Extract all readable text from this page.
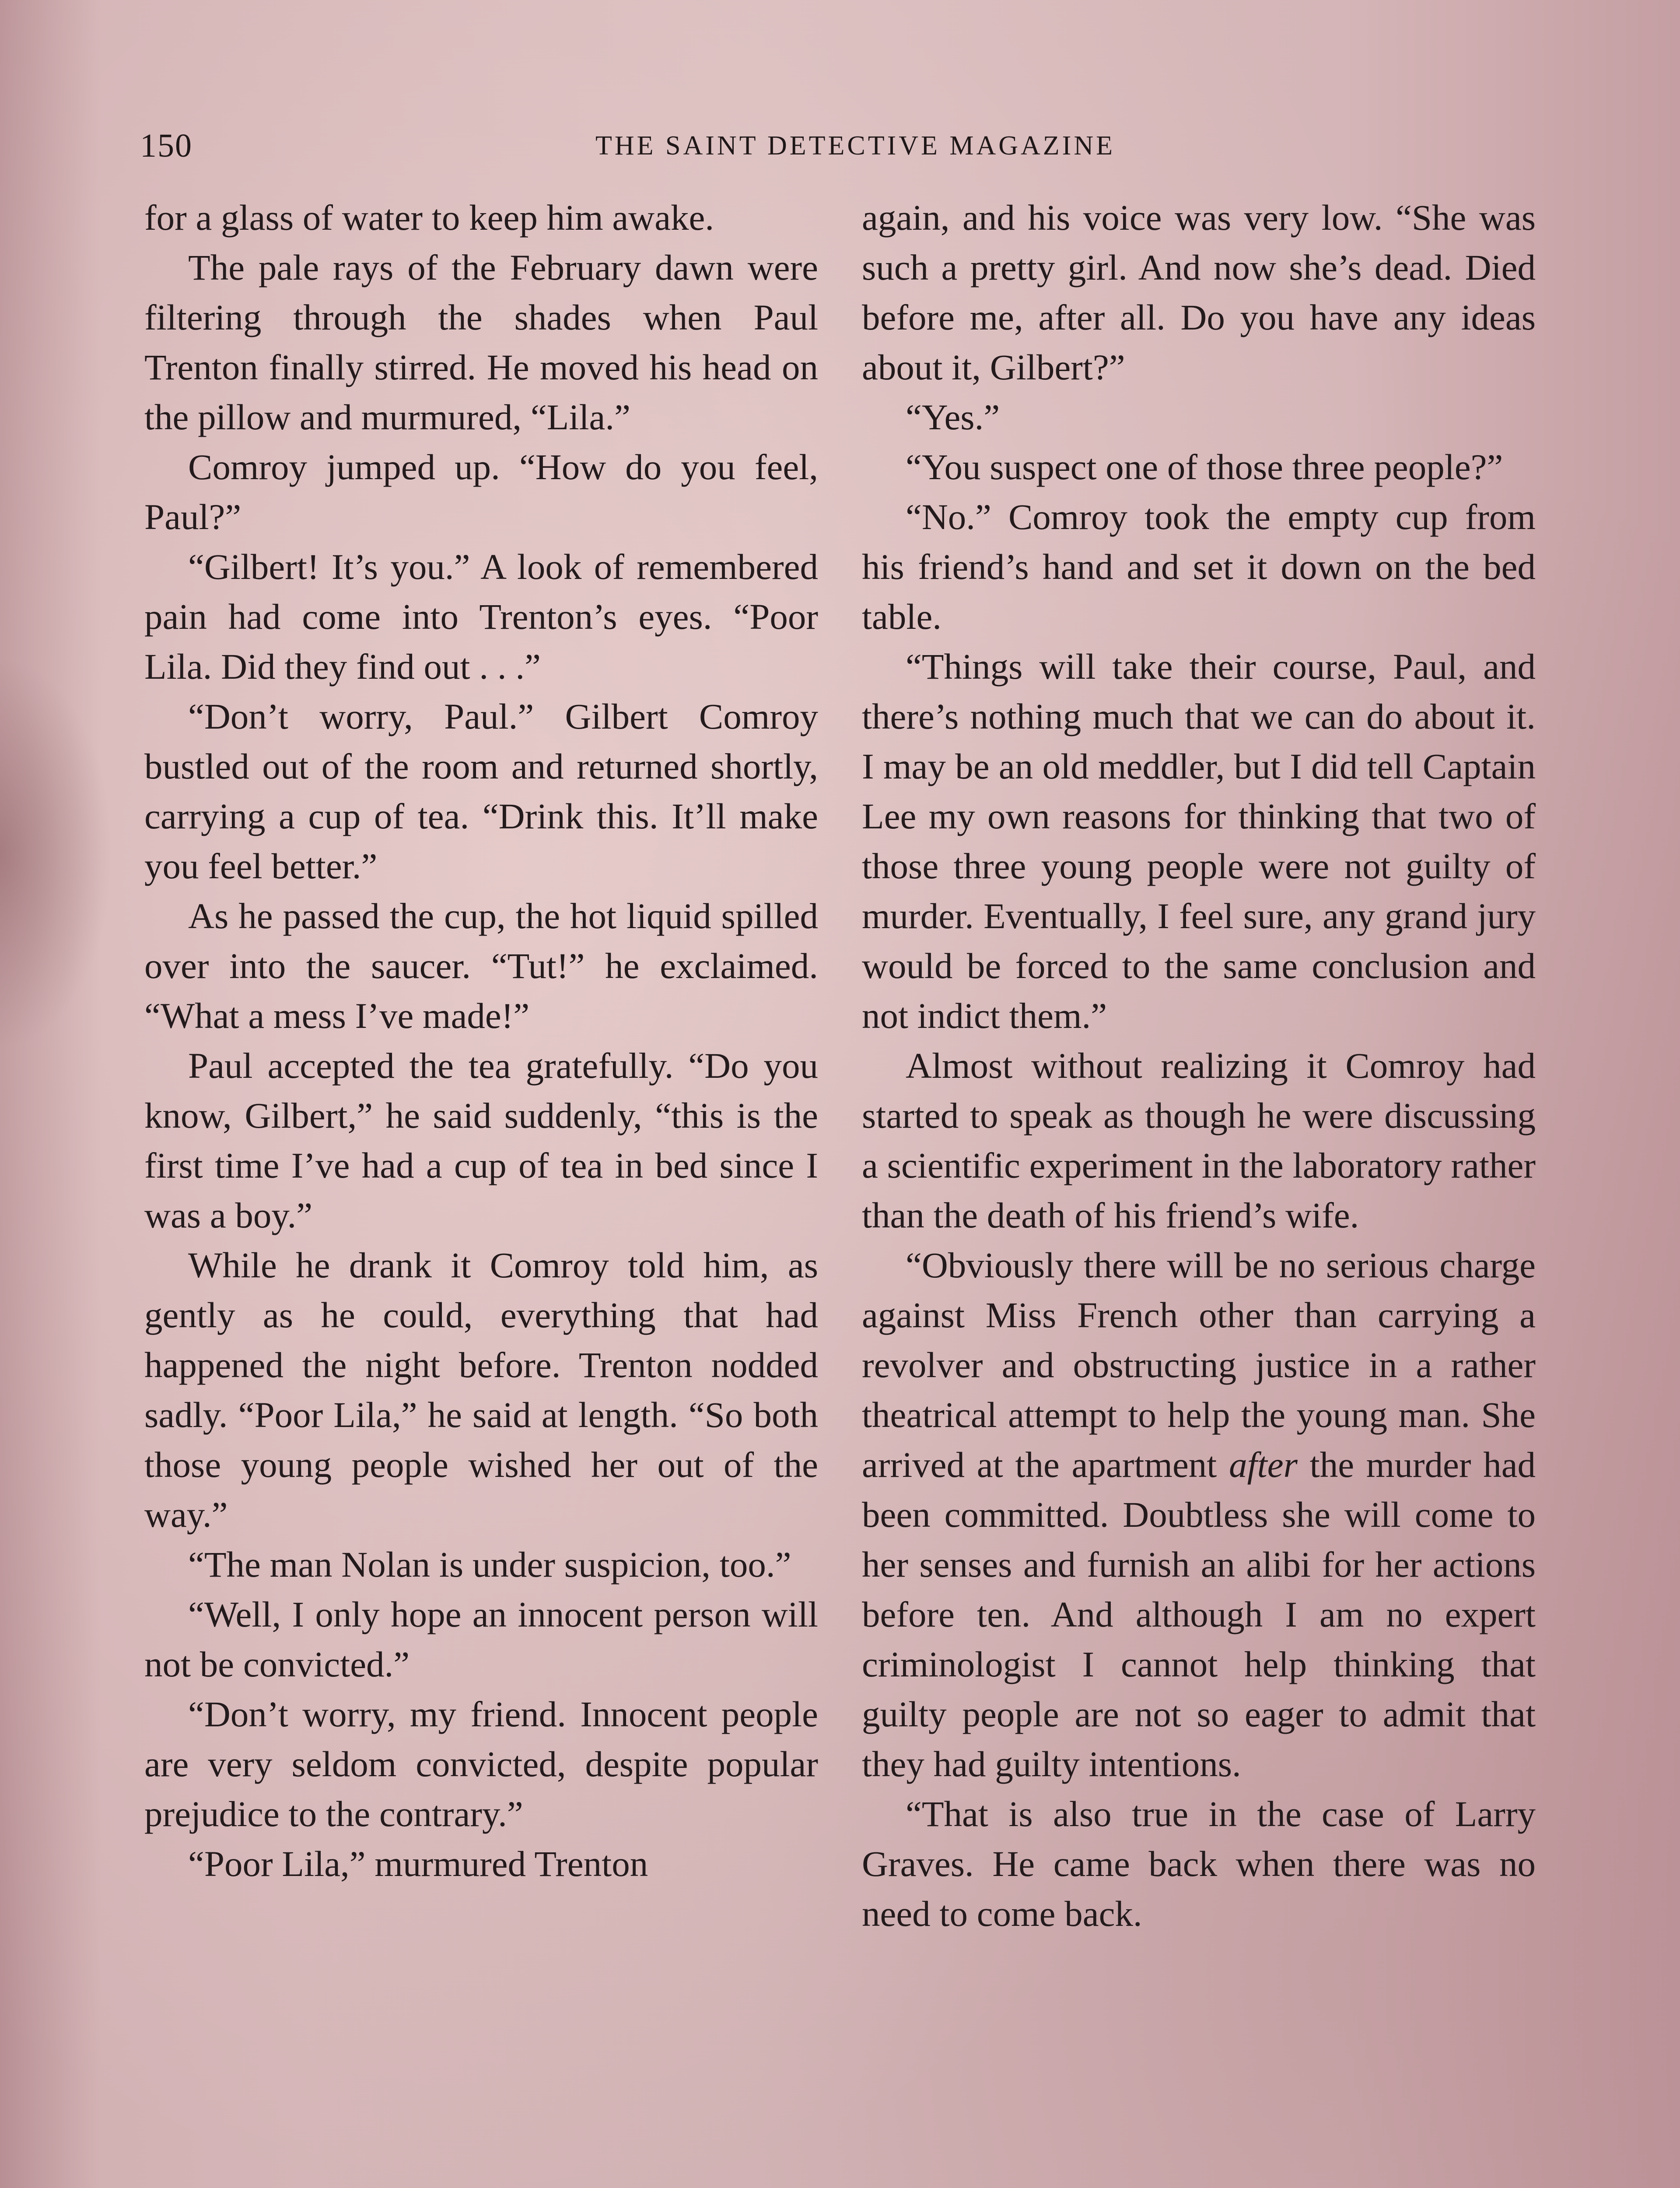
150	THE SAINT DETECTIVE MAGAZINE

for a glass of water to keep him awake.

The pale rays of the February dawn were filtering through the shades when Paul Trenton finally stirred. He moved his head on the pillow and murmured, “Lila.”

Comroy jumped up. “How do you feel, Paul?”

“Gilbert! It’s you.” A look of remembered pain had come into Trenton’s eyes. “Poor Lila. Did they find out . . .”

“Don’t worry, Paul.” Gilbert Comroy bustled out of the room and returned shortly, carrying a cup of tea. “Drink this. It’ll make you feel better.”

As he passed the cup, the hot liquid spilled over into the saucer. “Tut!” he exclaimed. “What a mess I’ve made!”

Paul accepted the tea gratefully. “Do you know, Gilbert,” he said suddenly, “this is the first time I’ve had a cup of tea in bed since I was a boy.”

While he drank it Comroy told him, as gently as he could, everything that had happened the night before. Trenton nodded sadly. “Poor Lila,” he said at length. “So both those young people wished her out of the way.”

“The man Nolan is under suspicion, too.”

“Well, I only hope an innocent person will not be convicted.”

“Don’t worry, my friend. Innocent people are very seldom convicted, despite popular prejudice to the contrary.”

“Poor Lila,” murmured Trenton

again, and his voice was very low. “She was such a pretty girl. And now she’s dead. Died before me, after all. Do you have any ideas about it, Gilbert?”

“Yes.”

“You suspect one of those three people?”

“No.” Comroy took the empty cup from his friend’s hand and set it down on the bed table.

“Things will take their course, Paul, and there’s nothing much that we can do about it. I may be an old meddler, but I did tell Captain Lee my own reasons for thinking that two of those three young people were not guilty of murder. Eventually, I feel sure, any grand jury would be forced to the same conclusion and not indict them.”

Almost without realizing it Comroy had started to speak as though he were discussing a scientific experiment in the laboratory rather than the death of his friend’s wife.

“Obviously there will be no serious charge against Miss French other than carrying a revolver and obstructing justice in a rather theatrical attempt to help the young man. She arrived at the apartment after the murder had been committed. Doubtless she will come to her senses and furnish an alibi for her actions before ten. And although I am no expert criminologist I cannot help thinking that guilty people are not so eager to admit that they had guilty intentions.

“That is also true in the case of Larry Graves. He came back when there was no need to come back.
